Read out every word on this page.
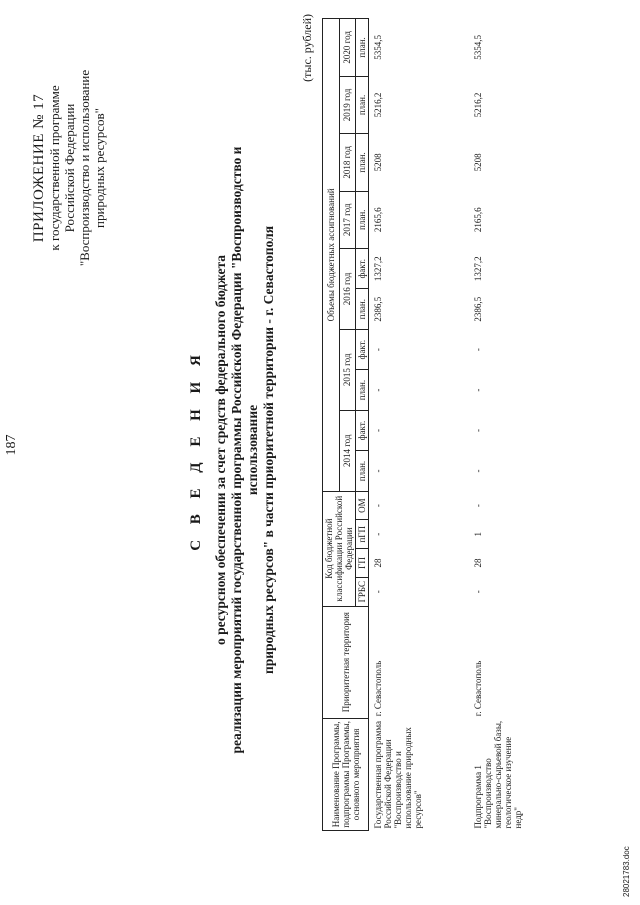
187
ПРИЛОЖЕНИЕ № 17 к государственной программе Российской Федерации "Воспроизводство и использование природных ресурсов"
С В Е Д Е Н И Я о ресурсном обеспечении за счет средств федерального бюджета реализации мероприятий государственной программы Российской Федерации "Воспроизводство и использование природных ресурсов" в части приоритетной территории - г. Севастополя
(тыс. рублей)
Наименование Программы, подпрограммы Программы, основного мероприятия	Приоритетная территория	Код бюджетной классификации Российской Федерации				Объемы бюджетных ассигнований									
						2014 год		2015 год		2016 год		2017 год	2018 год	2019 год	2020 год
		ГРБС	ГП	пГП	ОМ	план.	факт.	план.	факт.	план.	факт.	план.	план.	план.	план.
Государственная программа Российской Федерации "Воспроизводство и использование природных ресурсов"	г. Севастополь	-	28	-	-	-	-	-	-	2386,5	1327,2	2165,6	5208	5216,2	5354,5
Подпрограмма 1 "Воспроизводство минерально-сырьевой базы, геологическое изучение недр"	г. Севастополь	-	28	1	-	-	-	-	-	2386,5	1327,2	2165,6	5208	5216,2	5354,5
28021783.doc
